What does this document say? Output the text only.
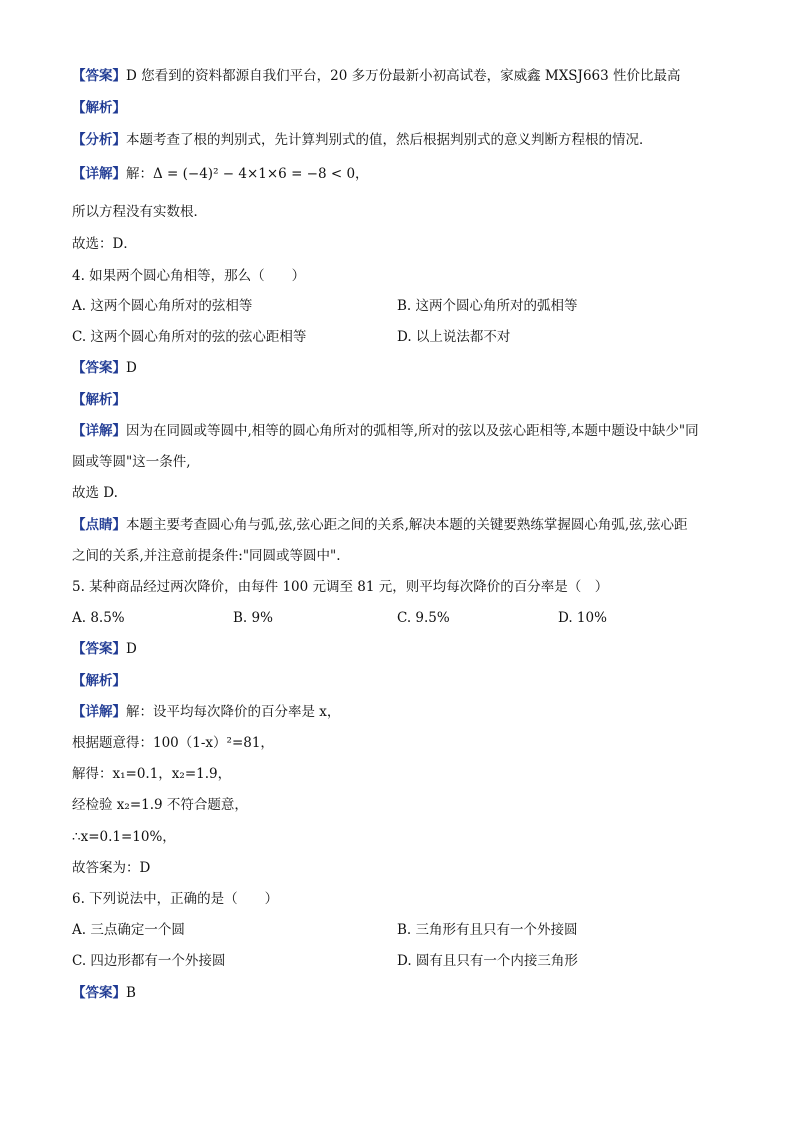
【答案】D 您看到的资料都源自我们平台，20 多万份最新小初高试卷，家威鑫 MXSJ663 性价比最高
【解析】
【分析】本题考查了根的判别式，先计算判别式的值，然后根据判别式的意义判断方程根的情况．
【详解】解：Δ = (−4)² − 4×1×6 = −8 < 0，
所以方程没有实数根．
故选：D．
4. 如果两个圆心角相等，那么（　　）
A. 这两个圆心角所对的弦相等	B. 这两个圆心角所对的弧相等
C. 这两个圆心角所对的弦的弦心距相等	D. 以上说法都不对
【答案】D
【解析】
【详解】因为在同圆或等圆中,相等的圆心角所对的弧相等,所对的弦以及弦心距相等,本题中题设中缺少"同
圆或等圆"这一条件,
故选 D.
【点睛】本题主要考查圆心角与弧,弦,弦心距之间的关系,解决本题的关键要熟练掌握圆心角弧,弦,弦心距
之间的关系,并注意前提条件:"同圆或等圆中".
5. 某种商品经过两次降价，由每件 100 元调至 81 元，则平均每次降价的百分率是（　）
A. 8.5%	B. 9%	C. 9.5%	D. 10%
【答案】D
【解析】
【详解】解：设平均每次降价的百分率是 x，
根据题意得：100（1-x）²=81，
解得：x₁=0.1，x₂=1.9，
经检验 x₂=1.9 不符合题意，
∴x=0.1=10%，
故答案为：D
6. 下列说法中，正确的是（　　）
A. 三点确定一个圆	B. 三角形有且只有一个外接圆
C. 四边形都有一个外接圆	D. 圆有且只有一个内接三角形
【答案】B
